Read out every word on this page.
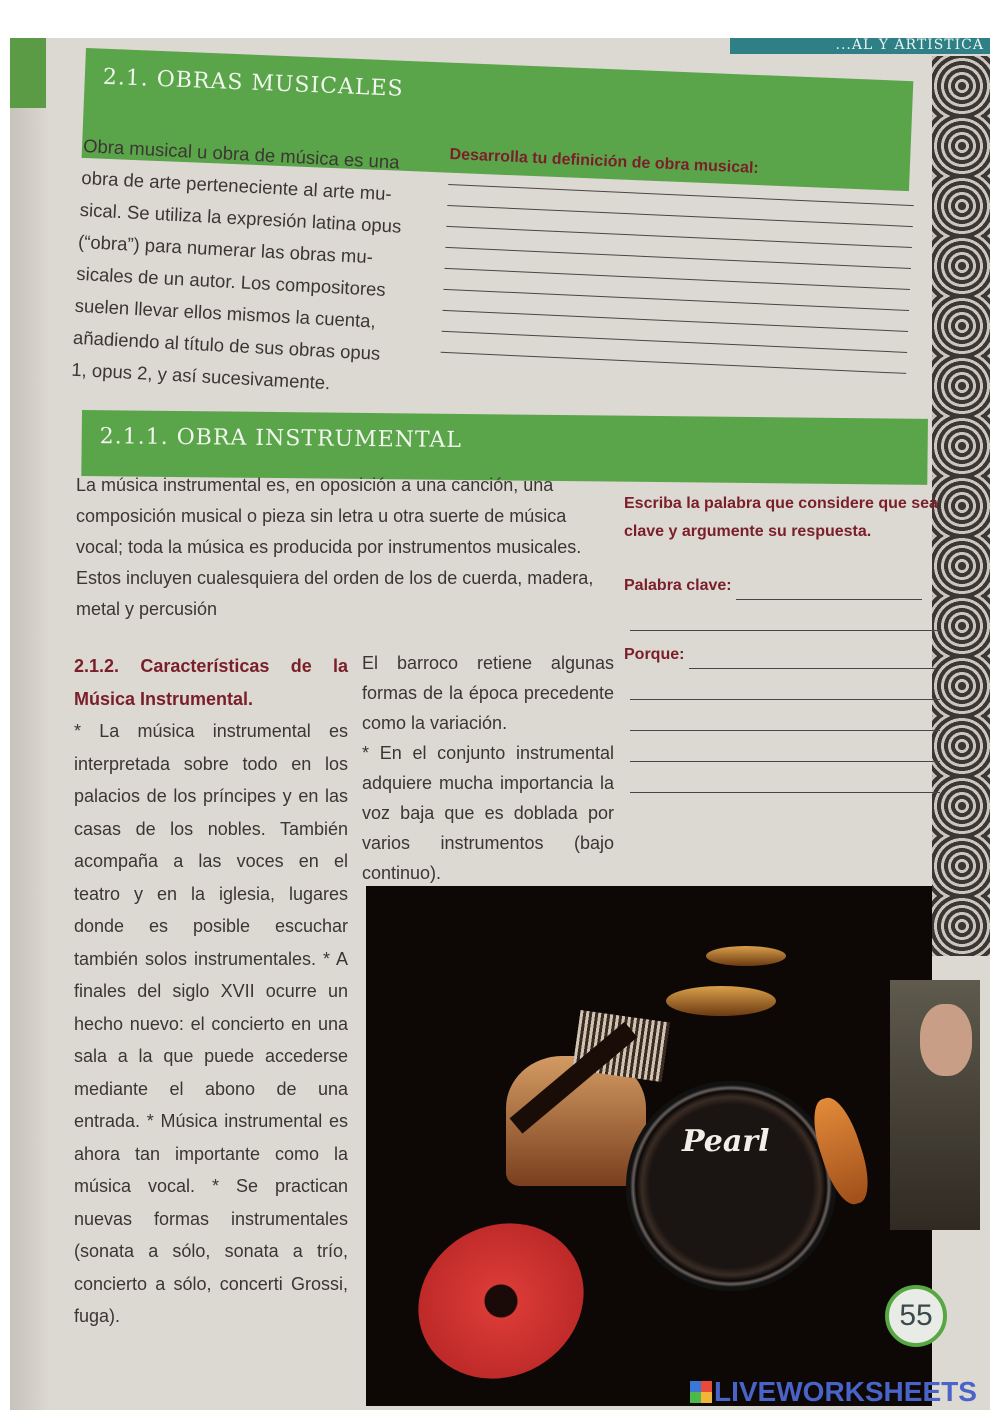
...AL Y ARTISTICA
2.1. OBRAS MUSICALES

Obra musical u obra de música es una

obra de arte perteneciente al arte mu-

sical. Se utiliza la expresión latina opus

(“obra”) para numerar las obras mu-

sicales de un autor. Los compositores

suelen llevar ellos mismos la cuenta,

añadiendo al título de sus obras opus

1, opus 2, y así sucesivamente.

Desarrolla tu definición de obra musical:
2.1.1. OBRA INSTRUMENTAL
La música instrumental es, en oposición a una canción, una composición musical o pieza sin letra u otra suerte de música vocal; toda la música es producida por instrumentos musicales. Estos incluyen cualesquiera del orden de los de cuerda, madera, metal y percusión
Escriba la palabra que considere que sea clave y argumente su respuesta.
Palabra clave:
Porque:
2.1.2. Características de la Música Instrumental.
* La música instrumental es interpretada sobre todo en los palacios de los príncipes y en las casas de los nobles. También acompaña a las voces en el teatro y en la iglesia, lugares donde es posible escuchar también solos instrumentales. * A finales del siglo XVII ocurre un hecho nuevo: el concierto en una sala a la que puede accederse mediante el abono de una entrada. * Música instrumental es ahora tan importante como la música vocal. * Se practican nuevas formas instrumentales (sonata a sólo, sonata a trío, concierto a sólo, concerti Grossi, fuga).
El barroco retiene algunas formas de la época precedente como la variación.
* En el conjunto instrumental adquiere mucha importancia la voz baja que es doblada por varios instrumentos (bajo continuo).
Pearl
55
LIVEWORKSHEETS
